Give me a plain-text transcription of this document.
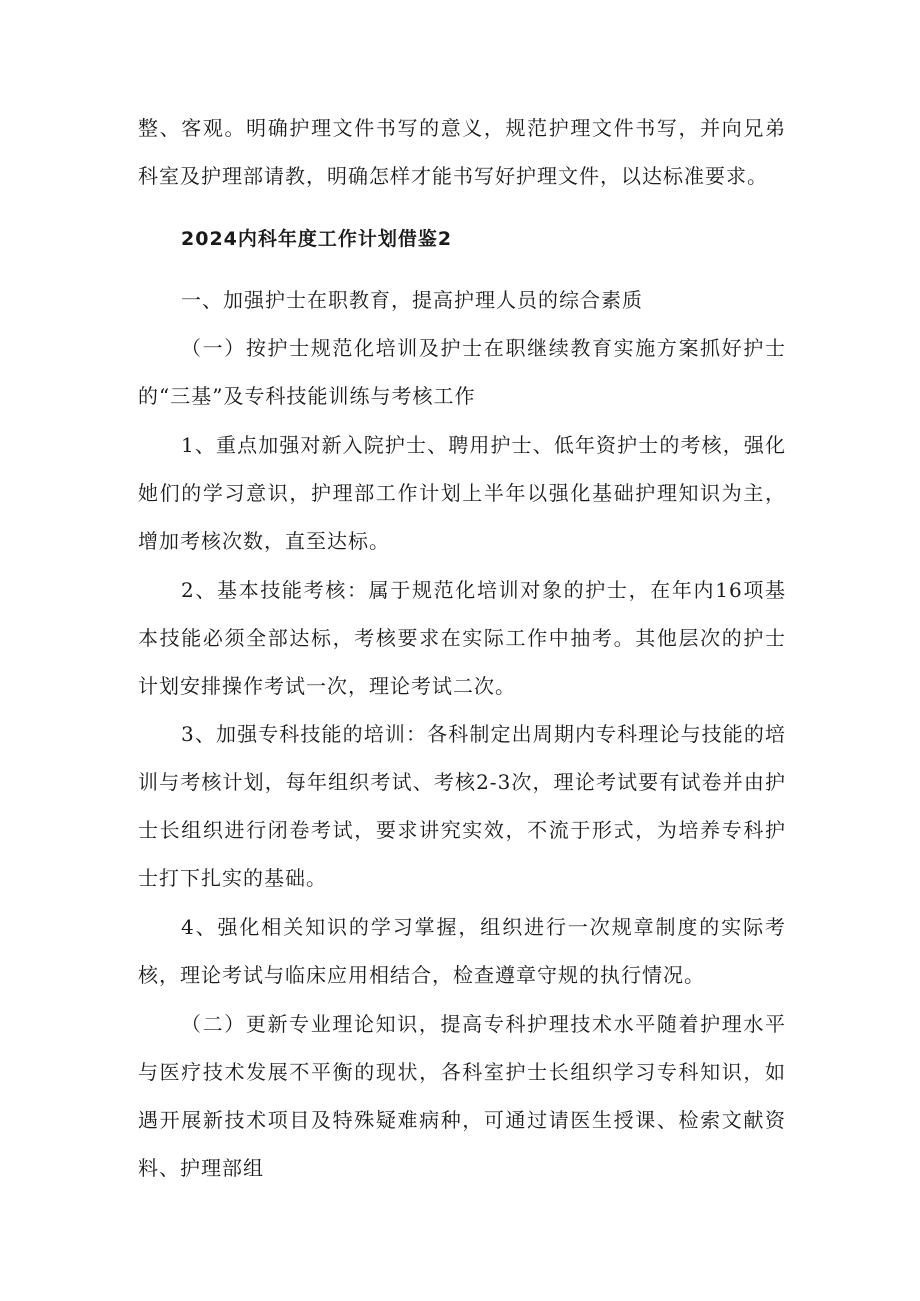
整、客观。明确护理文件书写的意义，规范护理文件书写，并向兄弟科室及护理部请教，明确怎样才能书写好护理文件，以达标准要求。

2024内科年度工作计划借鉴2

一、加强护士在职教育，提高护理人员的综合素质

（一）按护士规范化培训及护士在职继续教育实施方案抓好护士的“三基”及专科技能训练与考核工作

1、重点加强对新入院护士、聘用护士、低年资护士的考核，强化她们的学习意识，护理部工作计划上半年以强化基础护理知识为主，增加考核次数，直至达标。

2、基本技能考核：属于规范化培训对象的护士，在年内16项基本技能必须全部达标，考核要求在实际工作中抽考。其他层次的护士计划安排操作考试一次，理论考试二次。

3、加强专科技能的培训：各科制定出周期内专科理论与技能的培训与考核计划，每年组织考试、考核2-3次，理论考试要有试卷并由护士长组织进行闭卷考试，要求讲究实效，不流于形式，为培养专科护士打下扎实的基础。

4、强化相关知识的学习掌握，组织进行一次规章制度的实际考核，理论考试与临床应用相结合，检查遵章守规的执行情况。

（二）更新专业理论知识，提高专科护理技术水平随着护理水平与医疗技术发展不平衡的现状，各科室护士长组织学习专科知识，如遇开展新技术项目及特殊疑难病种，可通过请医生授课、检索文献资料、护理部组
